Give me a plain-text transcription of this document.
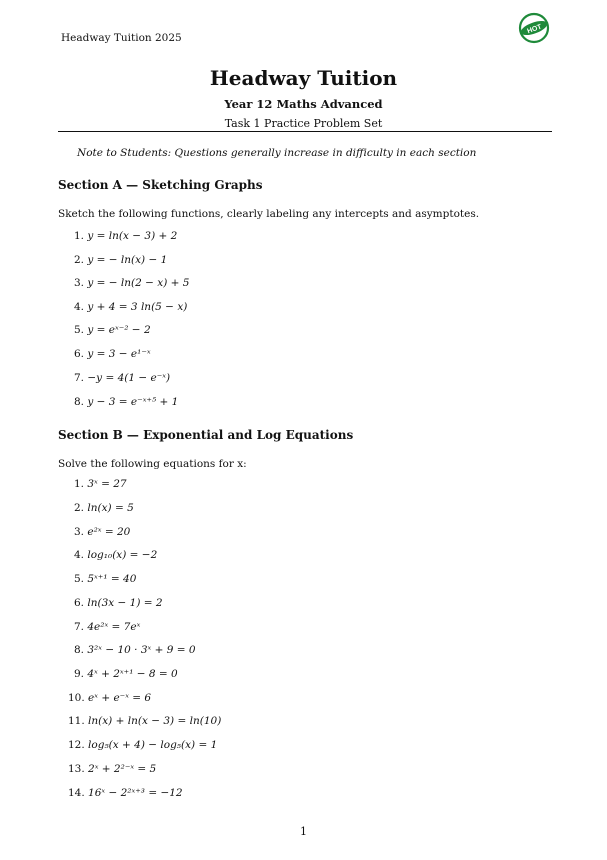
Headway Tuition 2025
HOT
Headway Tuition
Year 12 Maths Advanced
Task 1 Practice Problem Set
Note to Students: Questions generally increase in difficulty in each section
Section A — Sketching Graphs
Sketch the following functions, clearly labeling any intercepts and asymptotes.
1. y = ln(x − 3) + 2
2. y = − ln(x) − 1
3. y = − ln(2 − x) + 5
4. y + 4 = 3 ln(5 − x)
5. y = eˣ⁻² − 2
6. y = 3 − e¹⁻ˣ
7. −y = 4(1 − e⁻ˣ)
8. y − 3 = e⁻ˣ⁺⁵ + 1
Section B — Exponential and Log Equations
Solve the following equations for x:
1. 3ˣ = 27
2. ln(x) = 5
3. e²ˣ = 20
4. log₁₀(x) = −2
5. 5ˣ⁺¹ = 40
6. ln(3x − 1) = 2
7. 4e²ˣ = 7eˣ
8. 3²ˣ − 10 · 3ˣ + 9 = 0
9. 4ˣ + 2ˣ⁺¹ − 8 = 0
10. eˣ + e⁻ˣ = 6
11. ln(x) + ln(x − 3) = ln(10)
12. log₅(x + 4) − log₅(x) = 1
13. 2ˣ + 2²⁻ˣ = 5
14. 16ˣ − 2²ˣ⁺³ = −12
1
